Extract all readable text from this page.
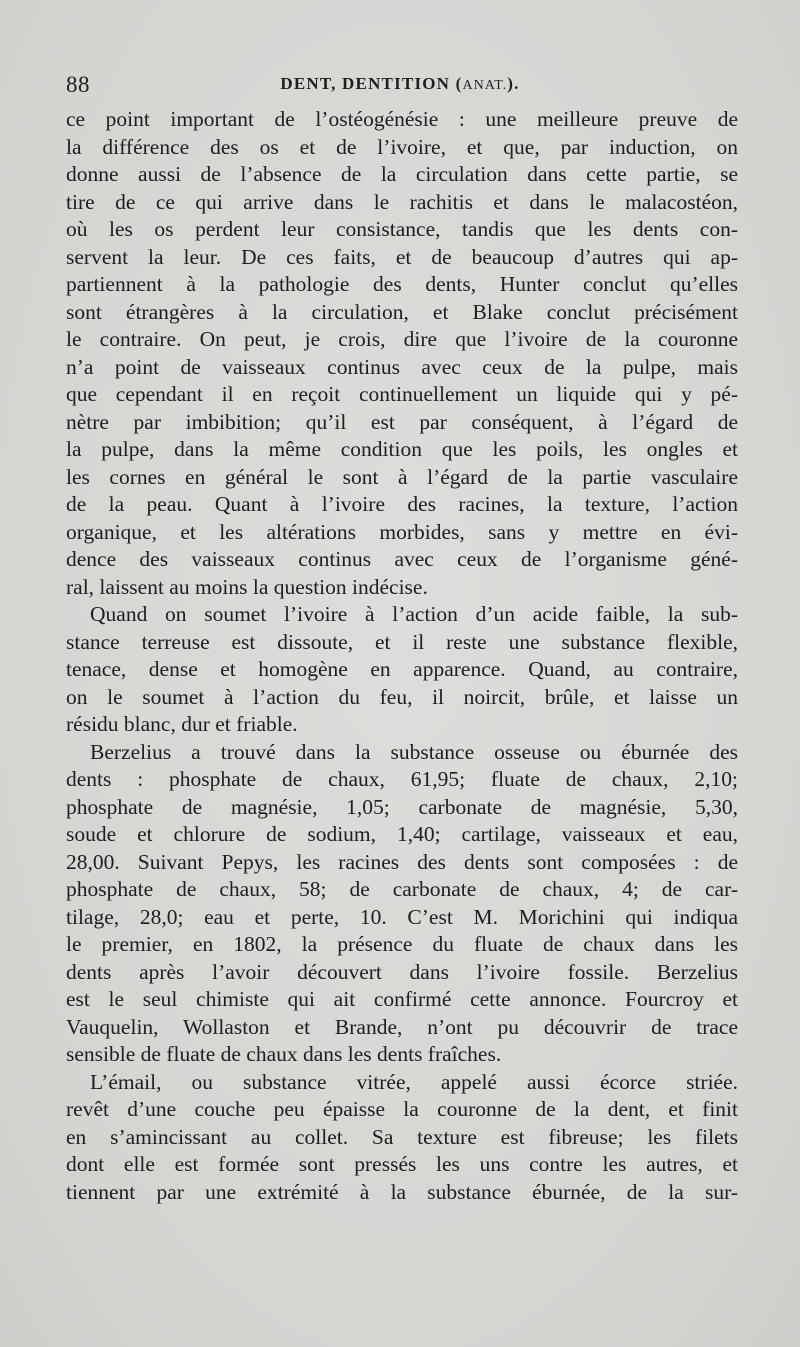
88	DENT, DENTITION (ANAT.).
ce point important de l’ostéogénésie : une meilleure preuve de
la différence des os et de l’ivoire, et que, par induction, on
donne aussi de l’absence de la circulation dans cette partie, se
tire de ce qui arrive dans le rachitis et dans le malacostéon,
où les os perdent leur consistance, tandis que les dents con-
servent la leur. De ces faits, et de beaucoup d’autres qui ap-
partiennent à la pathologie des dents, Hunter conclut qu’elles
sont étrangères à la circulation, et Blake conclut précisément
le contraire. On peut, je crois, dire que l’ivoire de la couronne
n’a point de vaisseaux continus avec ceux de la pulpe, mais
que cependant il en reçoit continuellement un liquide qui y pé-
nètre par imbibition; qu’il est par conséquent, à l’égard de
la pulpe, dans la même condition que les poils, les ongles et
les cornes en général le sont à l’égard de la partie vasculaire
de la peau. Quant à l’ivoire des racines, la texture, l’action
organique, et les altérations morbides, sans y mettre en évi-
dence des vaisseaux continus avec ceux de l’organisme géné-
ral, laissent au moins la question indécise.
Quand on soumet l’ivoire à l’action d’un acide faible, la sub-
stance terreuse est dissoute, et il reste une substance flexible,
tenace, dense et homogène en apparence. Quand, au contraire,
on le soumet à l’action du feu, il noircit, brûle, et laisse un
résidu blanc, dur et friable.
Berzelius a trouvé dans la substance osseuse ou éburnée des
dents : phosphate de chaux, 61,95; fluate de chaux, 2,10;
phosphate de magnésie, 1,05; carbonate de magnésie, 5,30,
soude et chlorure de sodium, 1,40; cartilage, vaisseaux et eau,
28,00. Suivant Pepys, les racines des dents sont composées : de
phosphate de chaux, 58; de carbonate de chaux, 4; de car-
tilage, 28,0; eau et perte, 10. C’est M. Morichini qui indiqua
le premier, en 1802, la présence du fluate de chaux dans les
dents après l’avoir découvert dans l’ivoire fossile. Berzelius
est le seul chimiste qui ait confirmé cette annonce. Fourcroy et
Vauquelin, Wollaston et Brande, n’ont pu découvrir de trace
sensible de fluate de chaux dans les dents fraîches.
L’émail, ou substance vitrée, appelé aussi écorce striée.
revêt d’une couche peu épaisse la couronne de la dent, et finit
en s’amincissant au collet. Sa texture est fibreuse; les filets
dont elle est formée sont pressés les uns contre les autres, et
tiennent par une extrémité à la substance éburnée, de la sur-
